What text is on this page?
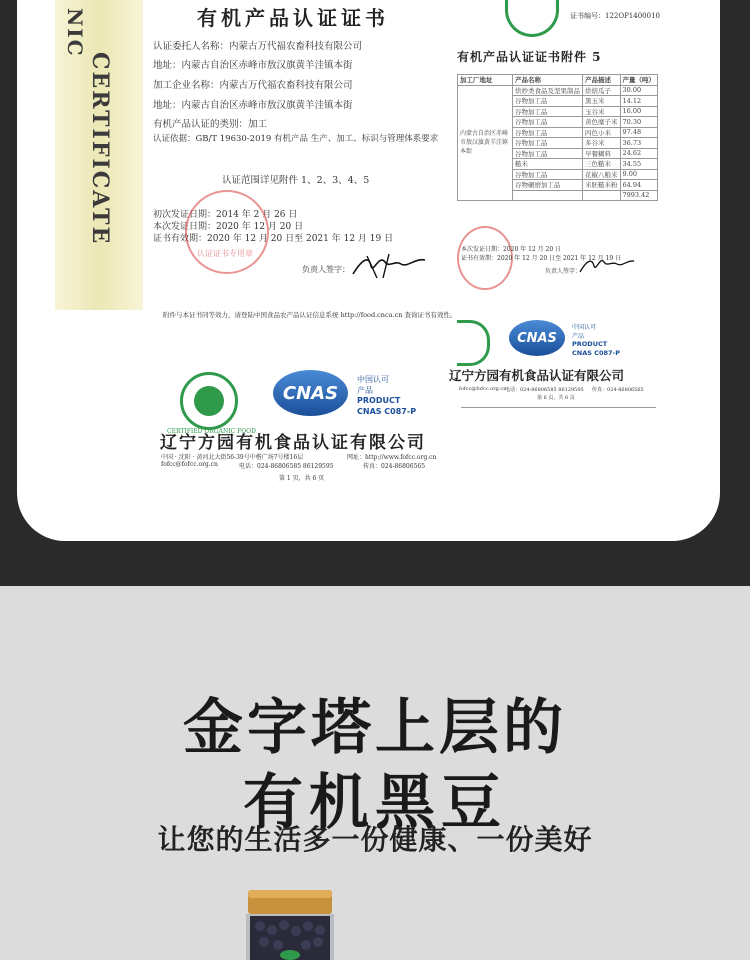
NIC
CERTIFICATE
有机产品认证证书
认证委托人名称：内蒙古万代福农畜科技有限公司
地址：内蒙古自治区赤峰市敖汉旗黄羊洼镇本街
加工企业名称：内蒙古万代福农畜科技有限公司
地址：内蒙古自治区赤峰市敖汉旗黄羊洼镇本街
有机产品认证的类别：加工
认证依据：GB/T 19630-2019 有机产品 生产、加工、标识与管理体系要求
认证范围详见附件 1、2、3、4、5
初次发证日期：2014 年 2 月 26 日
本次发证日期：2020 年 12 月 20 日
证书有效期：2020 年 12 月 20 日至 2021 年 12 月 19 日
认证证书专用章
负责人签字：
附件与本证书同等效力，请登陆中国食品农产品认证信息系统 http://food.cnca.cn 查询证书有效性。
CERTIFIED ORGANIC FOOD
CNAS
中国认可
产品
PRODUCT
CNAS C087-P
辽宁方园有机食品认证有限公司
中国 · 沈阳 · 黄河北大街56-39号中楷广场7号楼16层	网址：http://www.fofcc.org.cn
fofcc@fofcc.org.cn	电话：024-86806585 86129595	传真：024-86806565
第 1 页，共 6 页
证书编号：122OP1400010
有机产品认证证书附件 5
加工厂地址	产品名称	产品描述	产量（吨）
内蒙古自治区赤峰市敖汉旗黄羊洼镇本街	烘炒类食品及坚果制品	烘焙瓜子	30.00
	谷物加工品	黑玉米	14.12
	谷物加工品	玉谷米	16.00
	谷物加工品	黄色糜子米	70.30
	谷物加工品	四色小米	97.48
	谷物加工品	多谷米	36.73
	谷物加工品	早餐糊料	24.62
	糙米	三色糙米	34.55
	谷物加工品	花椒八粮米	9.00
	谷物碾磨加工品	米胚糙米粉	64.94
			7993.42
本次发证日期：2020 年 12 月 20 日
证书有效期：2020 年 12 月 20 日至 2021 年 12 月 19 日
负责人签字：
CNAS
中国认可
产品
PRODUCT
CNAS C087-P
辽宁方园有机食品认证有限公司
fofcc@fofcc.org.cn
电话：024-86806585 86129595 传真：024-86806565
第 6 页，共 6 页
金字塔上层的
有机黑豆
让您的生活多一份健康、一份美好
